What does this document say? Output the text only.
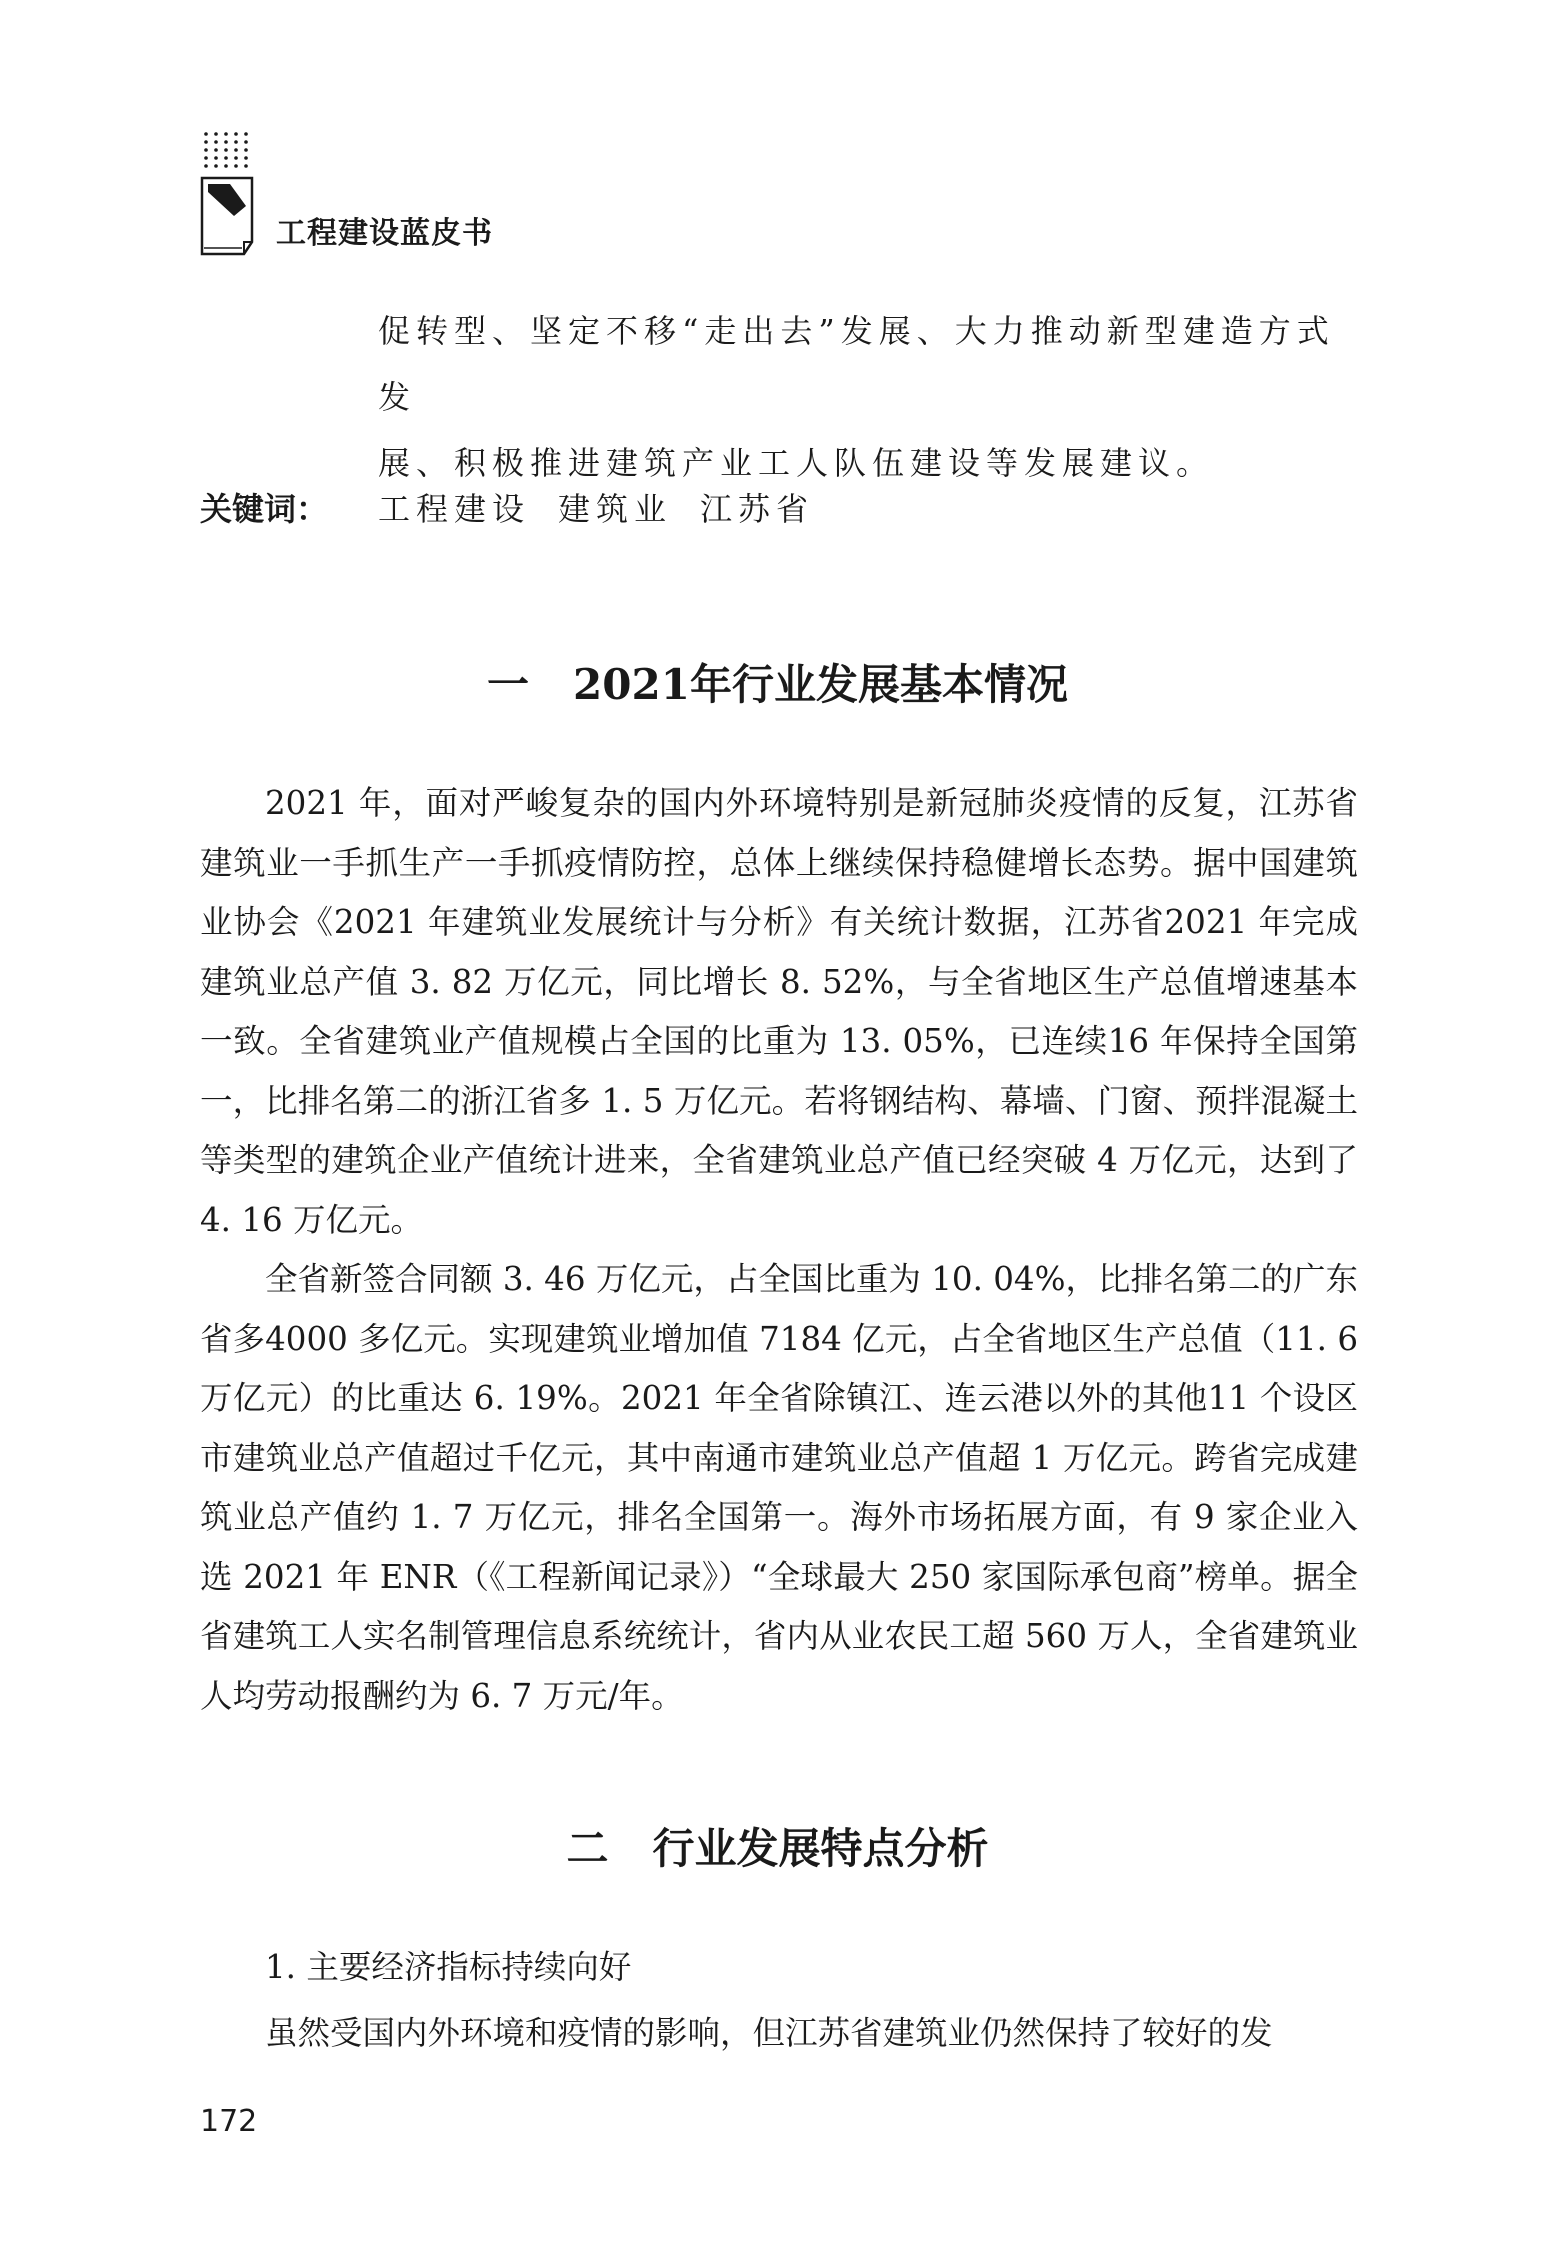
工程建设蓝皮书

促转型、坚定不移“走出去”发展、大力推动新型建造方式发

展、积极推进建筑产业工人队伍建设等发展建议。

关键词： 工程建设 建筑业 江苏省
一 2021年行业发展基本情况

2021 年，面对严峻复杂的国内外环境特别是新冠肺炎疫情的反复，江苏省建筑业一手抓生产一手抓疫情防控，总体上继续保持稳健增长态势。据中国建筑业协会《2021 年建筑业发展统计与分析》有关统计数据，江苏省2021 年完成建筑业总产值 3. 82 万亿元，同比增长 8. 52%，与全省地区生产总值增速基本一致。全省建筑业产值规模占全国的比重为 13. 05%，已连续16 年保持全国第一，比排名第二的浙江省多 1. 5 万亿元。若将钢结构、幕墙、门窗、预拌混凝土等类型的建筑企业产值统计进来，全省建筑业总产值已经突破 4 万亿元，达到了 4. 16 万亿元。

全省新签合同额 3. 46 万亿元，占全国比重为 10. 04%，比排名第二的广东省多4000 多亿元。实现建筑业增加值 7184 亿元，占全省地区生产总值（11. 6 万亿元）的比重达 6. 19%。2021 年全省除镇江、连云港以外的其他11 个设区市建筑业总产值超过千亿元，其中南通市建筑业总产值超 1 万亿元。跨省完成建筑业总产值约 1. 7 万亿元，排名全国第一。海外市场拓展方面，有 9 家企业入选 2021 年 ENR（《工程新闻记录》）“全球最大 250 家国际承包商”榜单。据全省建筑工人实名制管理信息系统统计，省内从业农民工超 560 万人，全省建筑业人均劳动报酬约为 6. 7 万元/年。

二 行业发展特点分析
1. 主要经济指标持续向好
虽然受国内外环境和疫情的影响，但江苏省建筑业仍然保持了较好的发
172
